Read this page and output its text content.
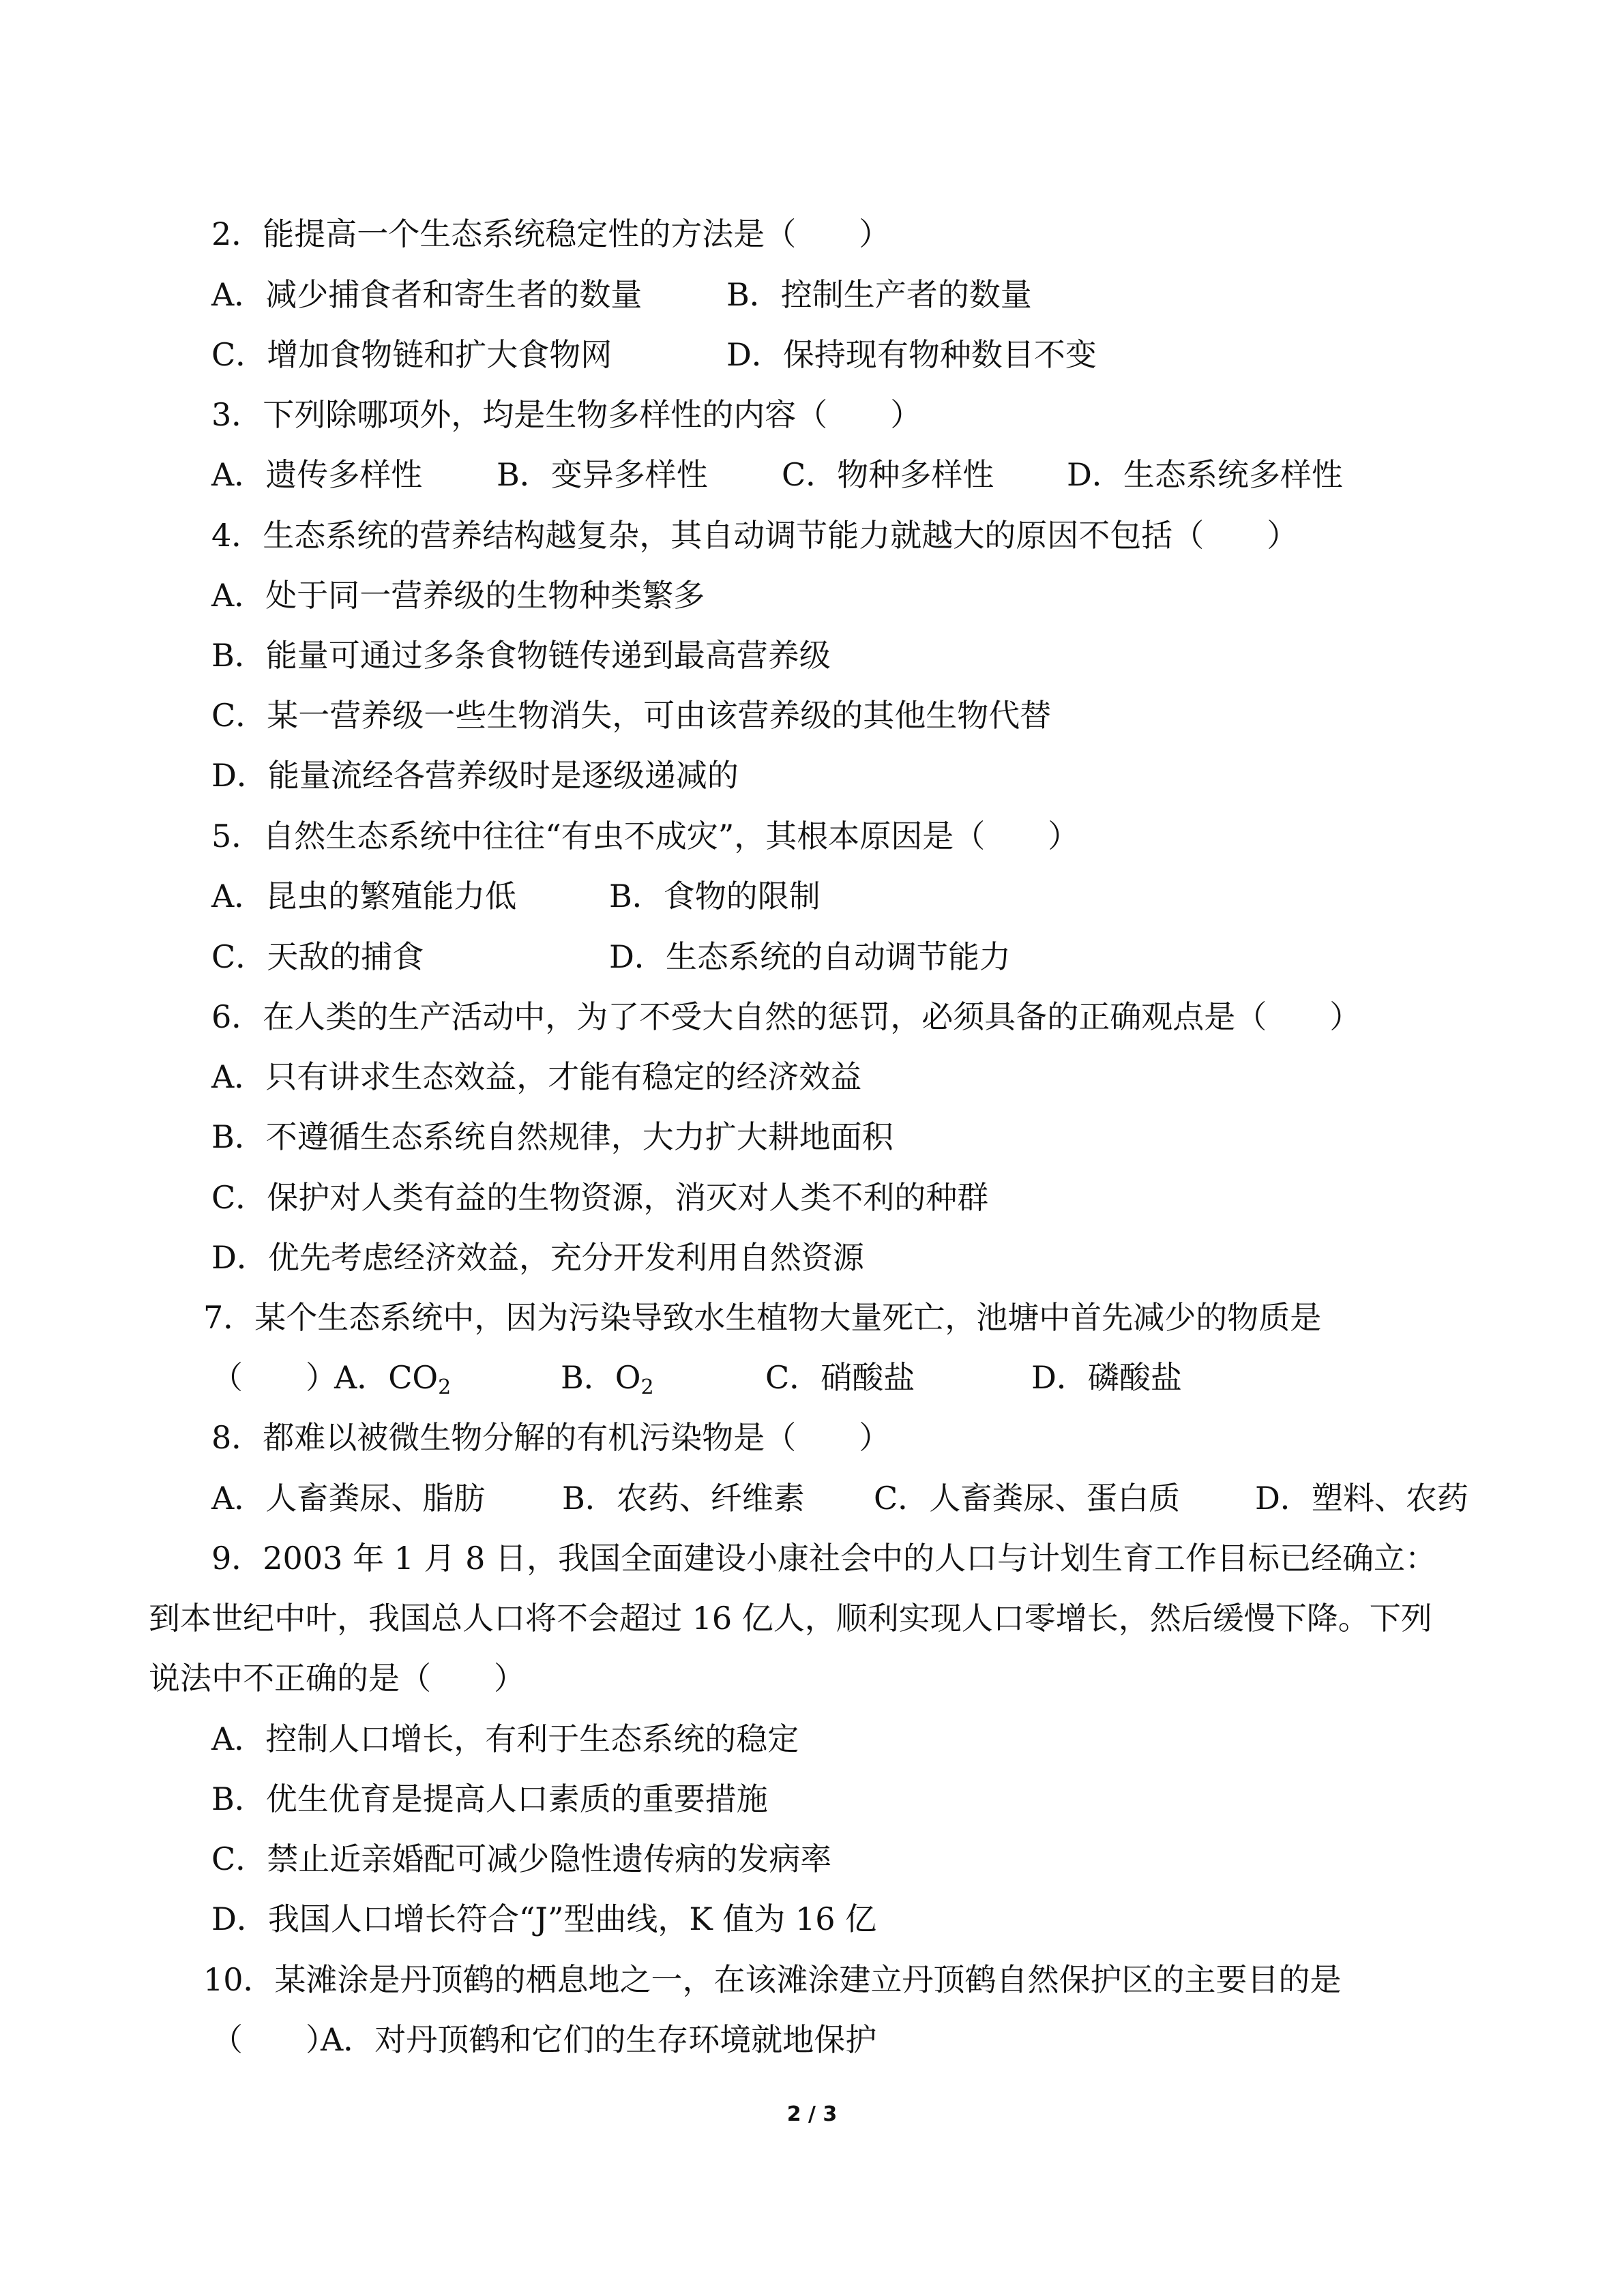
2．能提高一个生态系统稳定性的方法是（　　）
A．减少捕食者和寄生者的数量	B．控制生产者的数量
C．增加食物链和扩大食物网	D．保持现有物种数目不变
3．下列除哪项外，均是生物多样性的内容（　　）
A．遗传多样性 B．变异多样性 C．物种多样性 D．生态系统多样性
4．生态系统的营养结构越复杂，其自动调节能力就越大的原因不包括（　　）
A．处于同一营养级的生物种类繁多
B．能量可通过多条食物链传递到最高营养级
C．某一营养级一些生物消失，可由该营养级的其他生物代替
D．能量流经各营养级时是逐级递减的
5．自然生态系统中往往“有虫不成灾”，其根本原因是（　　）
A．昆虫的繁殖能力低	B．食物的限制
C．天敌的捕食	D．生态系统的自动调节能力
6．在人类的生产活动中，为了不受大自然的惩罚，必须具备的正确观点是（　　）
A．只有讲求生态效益，才能有稳定的经济效益
B．不遵循生态系统自然规律，大力扩大耕地面积
C．保护对人类有益的生物资源，消灭对人类不利的种群
D．优先考虑经济效益，充分开发利用自然资源
7．某个生态系统中，因为污染导致水生植物大量死亡，池塘中首先减少的物质是
（　　）
A．$CO_2$	B．$O_2$	C．硝酸盐	D．磷酸盐
8．都难以被微生物分解的有机污染物是（　　）
A．人畜粪尿、脂肪 B．农药、纤维素 C．人畜粪尿、蛋白质 D．塑料、农药
9．2003 年 1 月 8 日，我国全面建设小康社会中的人口与计划生育工作目标已经确立：
到本世纪中叶，我国总人口将不会超过 16 亿人，顺利实现人口零增长，然后缓慢下降。下列
说法中不正确的是（　　）
A．控制人口增长，有利于生态系统的稳定
B．优生优育是提高人口素质的重要措施
C．禁止近亲婚配可减少隐性遗传病的发病率
D．我国人口增长符合“J”型曲线，K 值为 16 亿
10．某滩涂是丹顶鹤的栖息地之一，在该滩涂建立丹顶鹤自然保护区的主要目的是
（　　）
A．对丹顶鹤和它们的生存环境就地保护
2 / 3
